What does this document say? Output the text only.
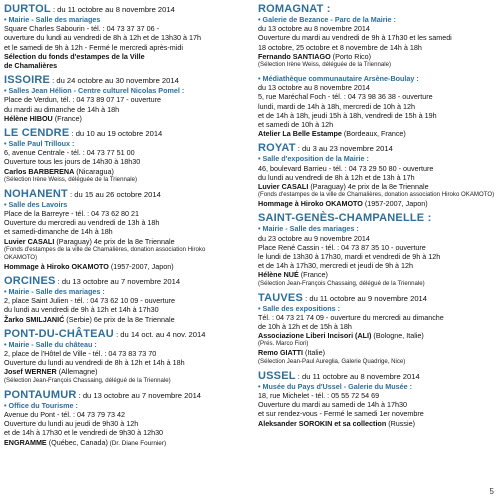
DURTOL : du 11 octobre au 8 novembre 2014
• Mairie - Salle des mariages
Square Charles Sabourin - tél. : 04 73 37 37 06 -
ouverture du lundi au vendredi de 8h à 12h et de 13h30 à 17h
et le samedi de 9h à 12h - Fermé le mercredi après-midi
Sélection du fonds d'estampes de la Ville
de Chamalières
ISSOIRE : du 24 octobre au 30 novembre 2014
• Salles Jean Hélion - Centre culturel Nicolas Pomel :
Place de Verdun, tél. : 04 73 89 07 17 - ouverture
du mardi au dimanche de 14h à 18h
Hélène HIBOU (France)
LE CENDRE : du 10 au 19 octobre 2014
• Salle Paul Trilloux :
6, avenue Centrale - tél. : 04 73 77 51 00
Ouverture tous les jours de 14h30 à 18h30
Carlos BARBERENA (Nicaragua)
(Sélection Irène Weiss, déléguée de la Triennale)
NOHANENT : du 15 au 26 octobre 2014
• Salle des Lavoirs
Place de la Barreyre - tél. : 04 73 62 80 21
Ouverture du mercredi au vendredi de 13h à 18h
et samedi-dimanche de 14h à 18h
Luvier CASALI (Paraguay) 4e prix de la 8e Triennale
(Fonds d'estampes de la ville de Chamalières, donation association Hiroko
OKAMOTO)
Hommage à Hiroko OKAMOTO (1957-2007, Japon)
ORCINES : du 13 octobre au 7 novembre 2014
• Mairie - Salle des mariages :
2, place Saint Julien - tél. : 04 73 62 10 09 - ouverture
du lundi au vendredi de 9h à 12h et 14h à 17h30
Žarko SMILJANIĆ (Serbie) 6e prix de la 8e Triennale
PONT-DU-CHÂTEAU : du 14 oct. au 4 nov. 2014
• Mairie - Salle du château :
2, place de l'Hôtel de Ville - tél. : 04 73 83 73 70
Ouverture du lundi au vendredi de 8h à 12h et 14h à 18h
Josef WERNER (Allemagne)
(Sélection Jean-François Chassaing, délégué de la Triennale)
PONTAUMUR : du 13 octobre au 7 novembre 2014
• Office du Tourisme :
Avenue du Pont - tél. : 04 73 79 73 42
Ouverture du lundi au jeudi de 9h30 à 12h
et de 14h à 17h30 et le vendredi de 9h30 à 12h30
ENGRAMME (Québec, Canada) (Dr. Diane Fournier)
ROMAGNAT :
• Galerie de Bezance - Parc de la Mairie :
du 13 octobre au 8 novembre 2014
Ouverture du mardi au vendredi de 9h à 17h30 et les samedi
18 octobre, 25 octobre et 8 novembre de 14h à 18h
Fernando SANTIAGO (Porto Rico)
(Sélection Irène Weiss, déléguée de la Triennale)
• Médiathèque communautaire Arsène-Boulay :
du 13 octobre au 8 novembre 2014
5, rue Maréchal Foch - tél. : 04 73 98 36 38 - ouverture
lundi, mardi de 14h à 18h, mercredi de 10h à 12h
et de 14h à 18h, jeudi 15h à 18h, vendredi de 15h à 19h
et samedi de 10h à 12h
Atelier La Belle Estampe (Bordeaux, France)
ROYAT : du 3 au 23 novembre 2014
• Salle d'exposition de la Mairie :
46, boulevard Barrieu - tél. : 04 73 29 50 80 - ouverture
du lundi au vendredi de 8h à 12h et de 13h à 17h
Luvier CASALI (Paraguay) 4e prix de la 8e Triennale
(Fonds d'estampes de la ville de Chamalières, donation association Hiroko OKAMOTO)
Hommage à Hiroko OKAMOTO (1957-2007, Japon)
SAINT-GENÈS-CHAMPANELLE :
• Mairie - Salle des mariages :
du 23 octobre au 9 novembre 2014
Place René Cassin - tél. : 04 73 87 35 10 - ouverture
le lundi de 13h30 à 17h30, mardi et vendredi de 9h à 12h
et de 14h à 17h30, mercredi et jeudi de 9h à 12h
Hélène NUÉ (France)
(Sélection Jean-François Chassaing, délégué de la Triennale)
TAUVES : du 11 octobre au 9 novembre 2014
• Salle des expositions :
Tél. : 04 73 21 74 09 - ouverture du mercredi au dimanche
de 10h à 12h et de 15h à 18h
Associazione Liberi Incisori (ALI) (Bologne, Italie)
(Prés. Marco Fiori)
Remo GIATTI (Italie)
(Sélection Jean-Paul Aureglia, Galerie Quadrige, Nice)
USSEL : du 11 octobre au 8 novembre 2014
• Musée du Pays d'Ussel - Galerie du Musée :
18, rue Michelet - tél. : 05 55 72 54 69
Ouverture du mardi au samedi de 14h à 17h30
et sur rendez-vous - Fermé le samedi 1er novembre
Aleksander SOROKIN et sa collection (Russie)
5
